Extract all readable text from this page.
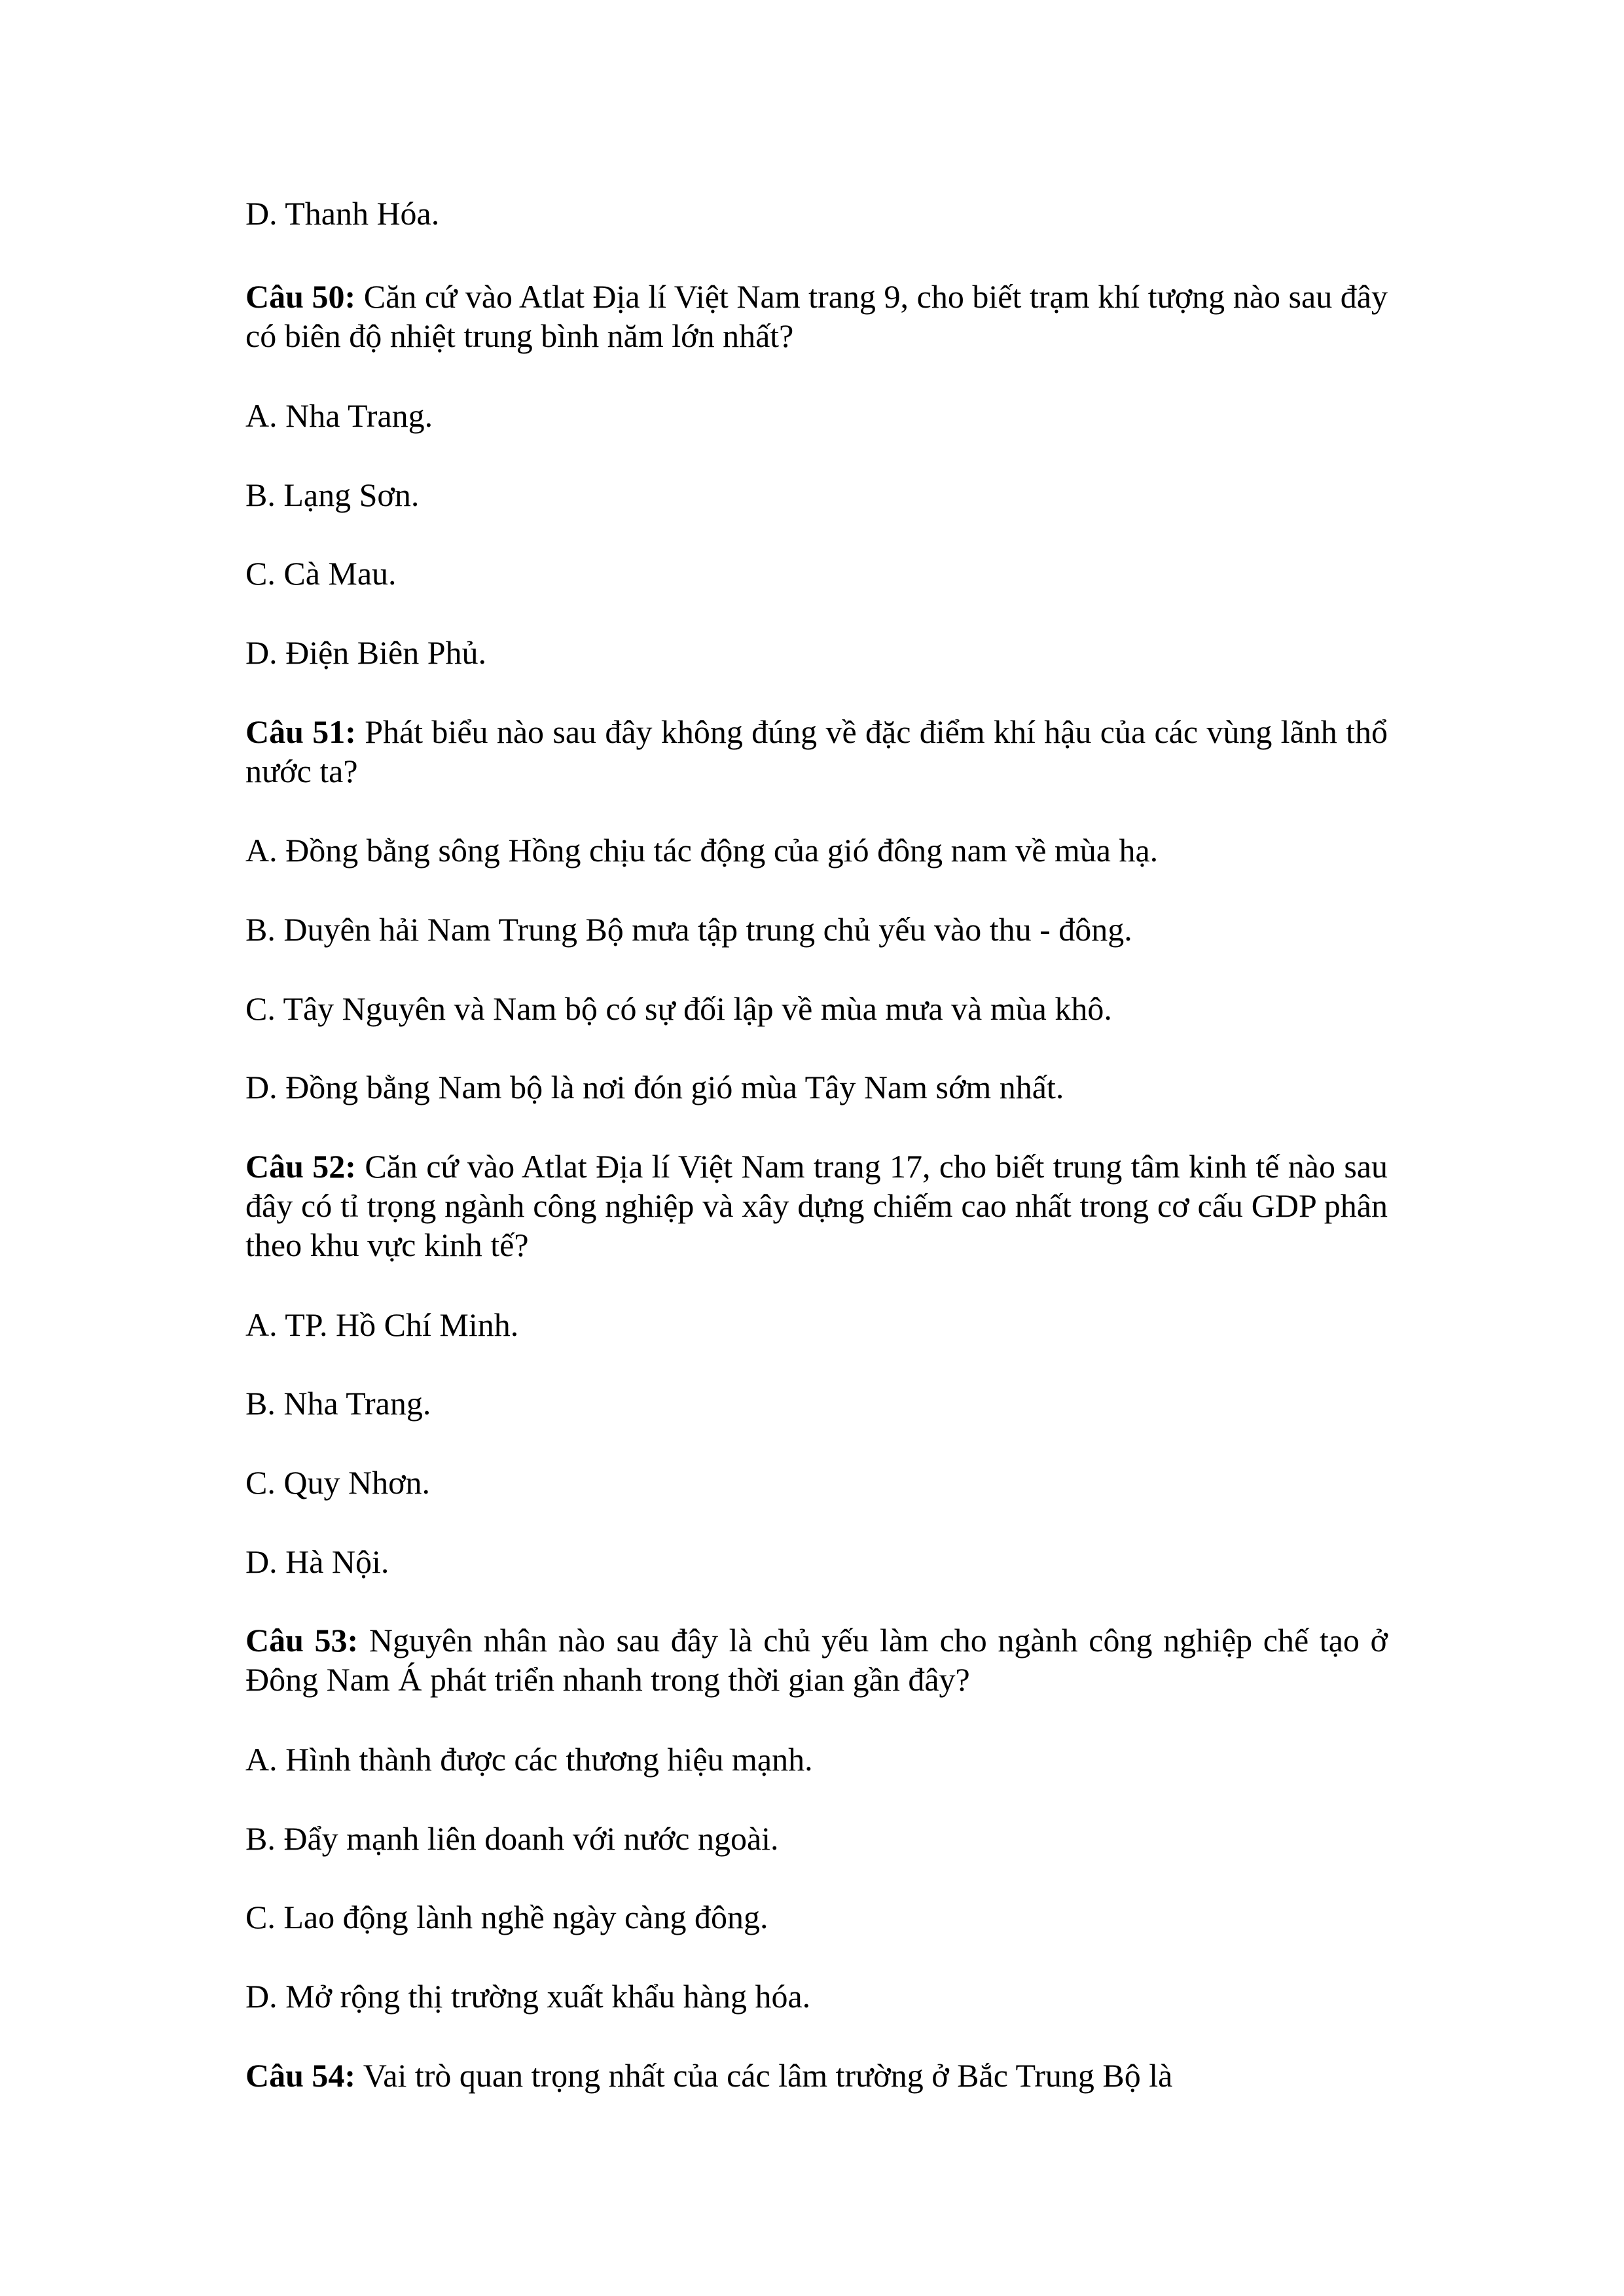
D. Thanh Hóa.
Câu 50: Căn cứ vào Atlat Địa lí Việt Nam trang 9, cho biết trạm khí tượng nào sau đây có biên độ nhiệt trung bình năm lớn nhất?
A. Nha Trang.
B. Lạng Sơn.
C. Cà Mau.
D. Điện Biên Phủ.
Câu 51: Phát biểu nào sau đây không đúng về đặc điểm khí hậu của các vùng lãnh thổ nước ta?
A. Đồng bằng sông Hồng chịu tác động của gió đông nam về mùa hạ.
B. Duyên hải Nam Trung Bộ mưa tập trung chủ yếu vào thu - đông.
C. Tây Nguyên và Nam bộ có sự đối lập về mùa mưa và mùa khô.
D. Đồng bằng Nam bộ là nơi đón gió mùa Tây Nam sớm nhất.
Câu 52: Căn cứ vào Atlat Địa lí Việt Nam trang 17, cho biết trung tâm kinh tế nào sau đây có tỉ trọng ngành công nghiệp và xây dựng chiếm cao nhất trong cơ cấu GDP phân theo khu vực kinh tế?
A. TP. Hồ Chí Minh.
B. Nha Trang.
C. Quy Nhơn.
D. Hà Nội.
Câu 53: Nguyên nhân nào sau đây là chủ yếu làm cho ngành công nghiệp chế tạo ở Đông Nam Á phát triển nhanh trong thời gian gần đây?
A. Hình thành được các thương hiệu mạnh.
B. Đẩy mạnh liên doanh với nước ngoài.
C. Lao động lành nghề ngày càng đông.
D. Mở rộng thị trường xuất khẩu hàng hóa.
Câu 54: Vai trò quan trọng nhất của các lâm trường ở Bắc Trung Bộ là
